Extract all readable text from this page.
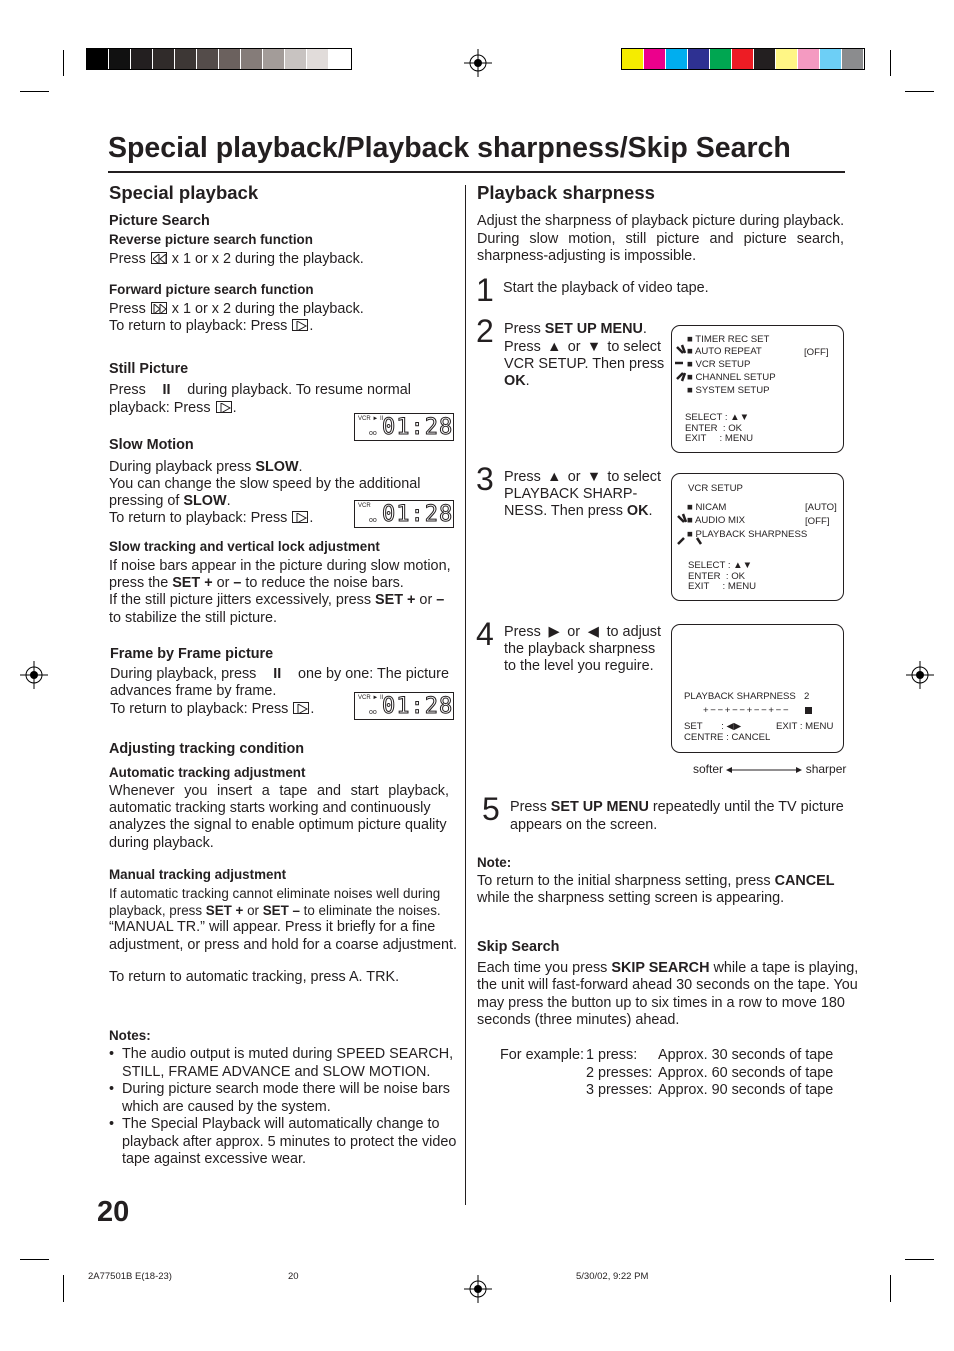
Special playback/Playback sharpness/Skip Search
Special playback
Picture Search
Reverse picture search function
Press x 1 or x 2 during the playback.
Forward picture search function
Press x 1 or x 2 during the playback.
To return to playback: Press .
Still Picture
Press II during playback. To resume normal
playback: Press .
VCR ► II
oo 01:28
Slow Motion
During playback press SLOW.
You can change the slow speed by the additional
pressing of SLOW.
To return to playback: Press .
VCR
oo 01:28
Slow tracking and vertical lock adjustment
If noise bars appear in the picture during slow motion,
press the SET + or – to reduce the noise bars.
If the still picture jitters excessively, press SET + or –
to stabilize the still picture.
Frame by Frame picture
During playback, press II one by one: The picture
advances frame by frame.
To return to playback: Press .
VCR ► II
oo 01:28
Adjusting tracking condition
Automatic tracking adjustment
Whenever you insert a tape and start playback,
automatic tracking starts working and continuously
analyzes the signal to enable optimum picture quality
during playback.
Manual tracking adjustment
If automatic tracking cannot eliminate noises well during
playback, press SET + or SET – to eliminate the noises.
“MANUAL TR.” will appear. Press it briefly for a fine
adjustment, or press and hold for a coarse adjustment.
To return to automatic tracking, press A. TRK.
Notes:
• The audio output is muted during SPEED SEARCH,
STILL, FRAME ADVANCE and SLOW MOTION.
• During picture search mode there will be noise bars
which are caused by the system.
• The Special Playback will automatically change to
playback after approx. 5 minutes to protect the video
tape against excessive wear.
20
Playback sharpness
Adjust the sharpness of playback picture during playback.
During slow motion, still picture and picture search,
sharpness-adjusting is impossible.
1 Start the playback of video tape.
2 Press SET UP MENU.
Press ▲ or ▼ to select
VCR SETUP. Then press
OK.
■ TIMER REC SET
■ AUTO REPEAT	[OFF]
■ VCR SETUP
■ CHANNEL SETUP
■ SYSTEM SETUP
SELECT : ▲▼
ENTER  : OK
EXIT     : MENU
3 Press ▲ or ▼ to select
PLAYBACK SHARP-
NESS. Then press OK.
VCR SETUP
■ NICAM	[AUTO]
■ AUDIO MIX	[OFF]
■ PLAYBACK SHARPNESS
SELECT : ▲▼
ENTER  : OK
EXIT     : MENU
4 Press ▶ or ◀ to adjust
the playback sharpness
to the level you reguire.
PLAYBACK SHARPNESS 2
+ − − + − − + − − + − −
SET       : ◀▶	EXIT : MENU
CENTRE : CANCEL
softer	sharper
5 Press SET UP MENU repeatedly until the TV picture
appears on the screen.
Note:
To return to the initial sharpness setting, press CANCEL
while the sharpness setting screen is appearing.
Skip Search
Each time you press SKIP SEARCH while a tape is playing,
the unit will fast-forward ahead 30 seconds on the tape. You
may press the button up to six times in a row to move 180
seconds (three minutes) ahead.
For example: 1 press:	Approx. 30 seconds of tape
2 presses: Approx. 60 seconds of tape
3 presses: Approx. 90 seconds of tape
2A77501B E(18-23)	20	5/30/02, 9:22 PM
